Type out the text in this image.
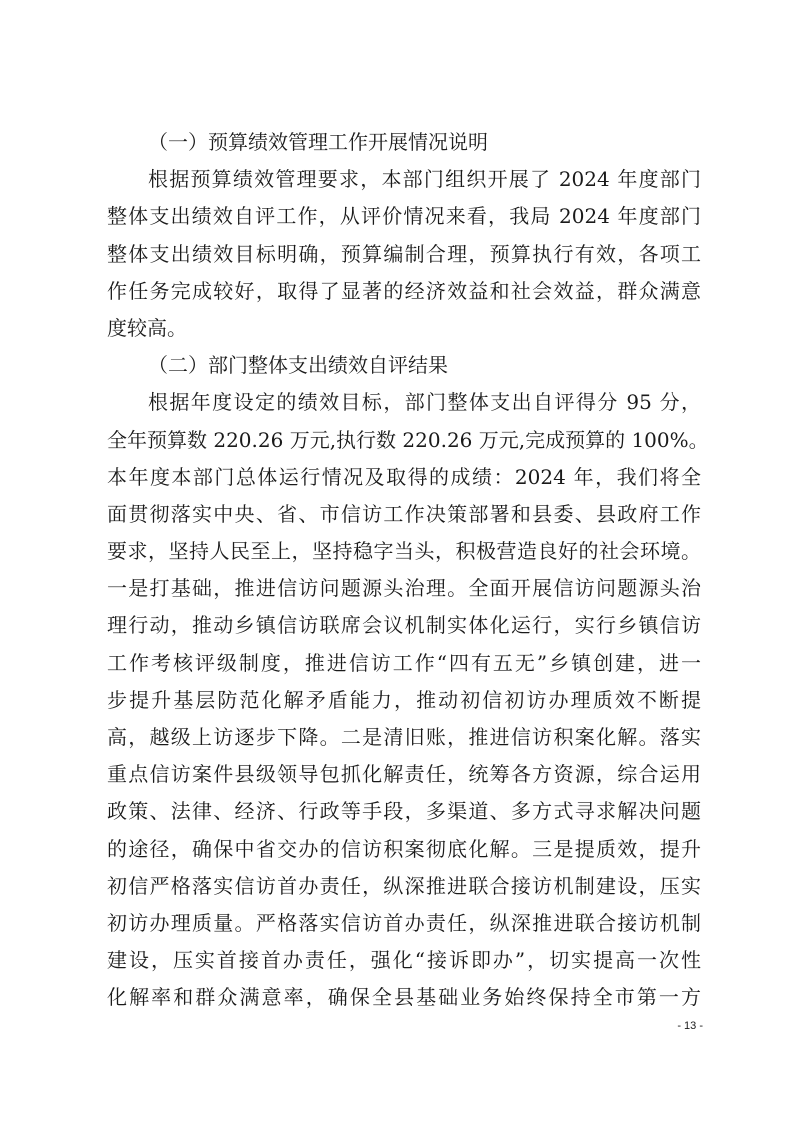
（一）预算绩效管理工作开展情况说明
根据预算绩效管理要求，本部门组织开展了 2024 年度部门
整体支出绩效自评工作，从评价情况来看，我局 2024 年度部门
整体支出绩效目标明确，预算编制合理，预算执行有效，各项工
作任务完成较好，取得了显著的经济效益和社会效益，群众满意
度较高。
（二）部门整体支出绩效自评结果
根据年度设定的绩效目标，部门整体支出自评得分 95 分，
全年预算数 220.26 万元,执行数 220.26 万元,完成预算的 100%。
本年度本部门总体运行情况及取得的成绩：2024 年，我们将全
面贯彻落实中央、省、市信访工作决策部署和县委、县政府工作
要求，坚持人民至上，坚持稳字当头，积极营造良好的社会环境。
一是打基础，推进信访问题源头治理。全面开展信访问题源头治
理行动，推动乡镇信访联席会议机制实体化运行，实行乡镇信访
工作考核评级制度，推进信访工作“四有五无”乡镇创建，进一
步提升基层防范化解矛盾能力，推动初信初访办理质效不断提
高，越级上访逐步下降。二是清旧账，推进信访积案化解。落实
重点信访案件县级领导包抓化解责任，统筹各方资源，综合运用
政策、法律、经济、行政等手段，多渠道、多方式寻求解决问题
的途径，确保中省交办的信访积案彻底化解。三是提质效，提升
初信严格落实信访首办责任，纵深推进联合接访机制建设，压实
初访办理质量。严格落实信访首办责任，纵深推进联合接访机制
建设，压实首接首办责任，强化“接诉即办”，切实提高一次性
化解率和群众满意率，确保全县基础业务始终保持全市第一方
- 13 -
